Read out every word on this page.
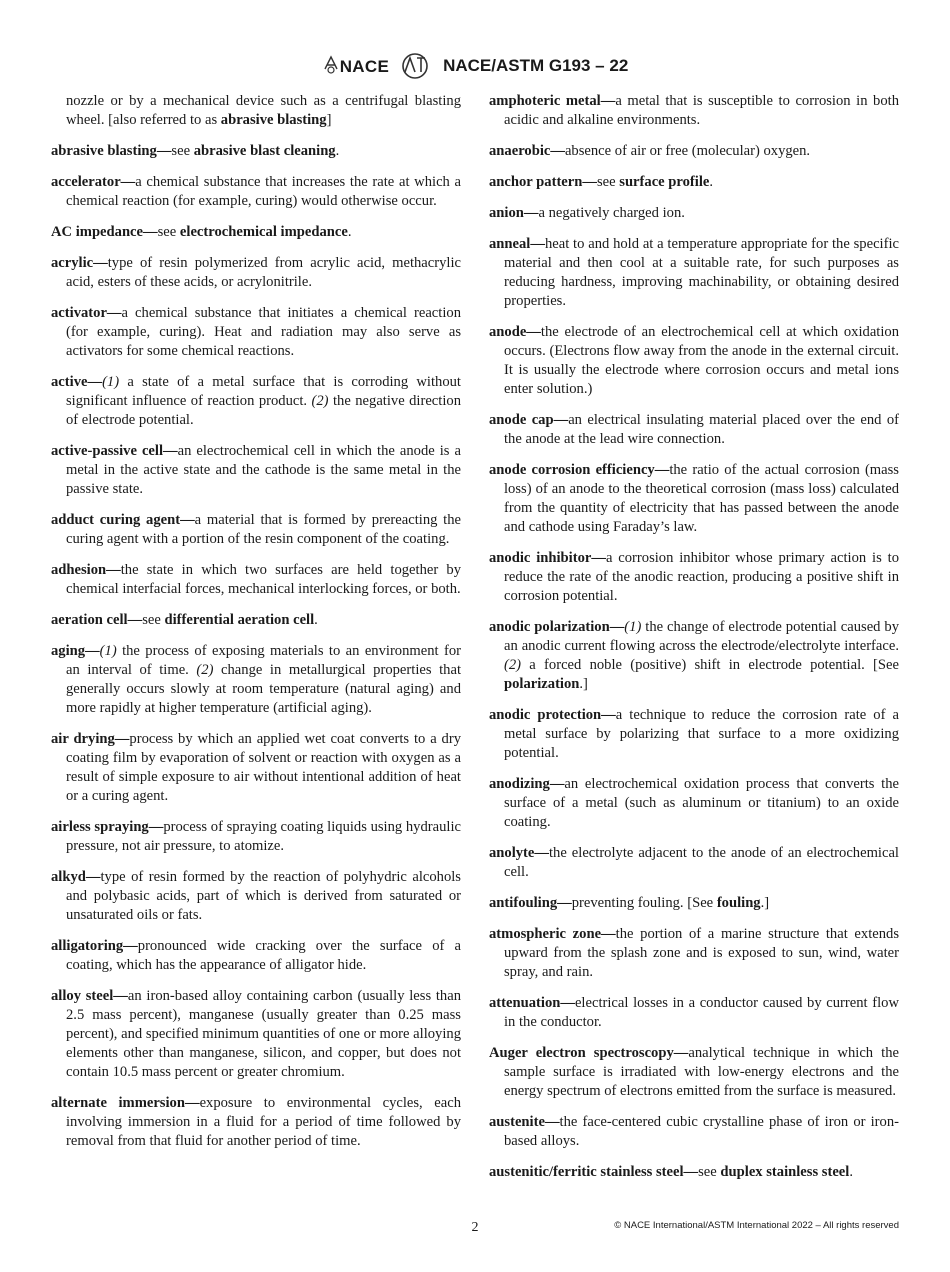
NACE	NACE/ASTM G193 – 22

nozzle or by a mechanical device such as a centrifugal blasting wheel. [also referred to as abrasive blasting]

abrasive blasting—see abrasive blast cleaning.

accelerator—a chemical substance that increases the rate at which a chemical reaction (for example, curing) would otherwise occur.

AC impedance—see electrochemical impedance.

acrylic—type of resin polymerized from acrylic acid, methacrylic acid, esters of these acids, or acrylonitrile.

activator—a chemical substance that initiates a chemical reaction (for example, curing). Heat and radiation may also serve as activators for some chemical reactions.

active—(1) a state of a metal surface that is corroding without significant influence of reaction product. (2) the negative direction of electrode potential.

active-passive cell—an electrochemical cell in which the anode is a metal in the active state and the cathode is the same metal in the passive state.

adduct curing agent—a material that is formed by prereacting the curing agent with a portion of the resin component of the coating.

adhesion—the state in which two surfaces are held together by chemical interfacial forces, mechanical interlocking forces, or both.

aeration cell—see differential aeration cell.

aging—(1) the process of exposing materials to an environment for an interval of time. (2) change in metallurgical properties that generally occurs slowly at room temperature (natural aging) and more rapidly at higher temperature (artificial aging).

air drying—process by which an applied wet coat converts to a dry coating film by evaporation of solvent or reaction with oxygen as a result of simple exposure to air without intentional addition of heat or a curing agent.

airless spraying—process of spraying coating liquids using hydraulic pressure, not air pressure, to atomize.

alkyd—type of resin formed by the reaction of polyhydric alcohols and polybasic acids, part of which is derived from saturated or unsaturated oils or fats.

alligatoring—pronounced wide cracking over the surface of a coating, which has the appearance of alligator hide.

alloy steel—an iron-based alloy containing carbon (usually less than 2.5 mass percent), manganese (usually greater than 0.25 mass percent), and specified minimum quantities of one or more alloying elements other than manganese, silicon, and copper, but does not contain 10.5 mass percent or greater chromium.

alternate immersion—exposure to environmental cycles, each involving immersion in a fluid for a period of time followed by removal from that fluid for another period of time.

amphoteric metal—a metal that is susceptible to corrosion in both acidic and alkaline environments.

anaerobic—absence of air or free (molecular) oxygen.

anchor pattern—see surface profile.

anion—a negatively charged ion.

anneal—heat to and hold at a temperature appropriate for the specific material and then cool at a suitable rate, for such purposes as reducing hardness, improving machinability, or obtaining desired properties.

anode—the electrode of an electrochemical cell at which oxidation occurs. (Electrons flow away from the anode in the external circuit. It is usually the electrode where corrosion occurs and metal ions enter solution.)

anode cap—an electrical insulating material placed over the end of the anode at the lead wire connection.

anode corrosion efficiency—the ratio of the actual corrosion (mass loss) of an anode to the theoretical corrosion (mass loss) calculated from the quantity of electricity that has passed between the anode and cathode using Faraday’s law.

anodic inhibitor—a corrosion inhibitor whose primary action is to reduce the rate of the anodic reaction, producing a positive shift in corrosion potential.

anodic polarization—(1) the change of electrode potential caused by an anodic current flowing across the electrode/electrolyte interface. (2) a forced noble (positive) shift in electrode potential. [See polarization.]

anodic protection—a technique to reduce the corrosion rate of a metal surface by polarizing that surface to a more oxidizing potential.

anodizing—an electrochemical oxidation process that converts the surface of a metal (such as aluminum or titanium) to an oxide coating.

anolyte—the electrolyte adjacent to the anode of an electrochemical cell.

antifouling—preventing fouling. [See fouling.]

atmospheric zone—the portion of a marine structure that extends upward from the splash zone and is exposed to sun, wind, water spray, and rain.

attenuation—electrical losses in a conductor caused by current flow in the conductor.

Auger electron spectroscopy—analytical technique in which the sample surface is irradiated with low-energy electrons and the energy spectrum of electrons emitted from the surface is measured.

austenite—the face-centered cubic crystalline phase of iron or iron-based alloys.

austenitic/ferritic stainless steel—see duplex stainless steel.

2	© NACE International/ASTM International 2022 – All rights reserved
